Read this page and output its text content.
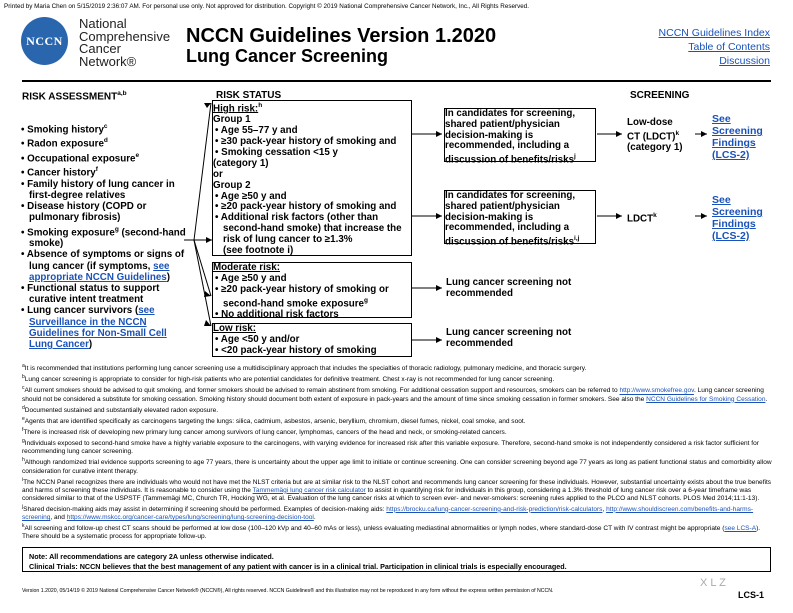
Printed by Maria Chen on 5/15/2019 2:36:07 AM. For personal use only. Not approved for distribution. Copyright © 2019 National Comprehensive Cancer Network, Inc., All Rights Reserved.
NCCN
National
Comprehensive
Cancer
Network®
NCCN Guidelines Version 1.2020
Lung Cancer Screening
NCCN Guidelines Index
Table of Contents
Discussion
RISK ASSESSMENT$^{a,b}$	RISK STATUS	SCREENING
• Smoking history$^c$
• Radon exposure$^d$
• Occupational exposure$^e$
• Cancer history$^f$
• Family history of lung cancer in first-degree relatives
• Disease history (COPD or pulmonary fibrosis)
• Smoking exposure$^g$ (second-hand smoke)
• Absence of symptoms or signs of lung cancer (if symptoms, see appropriate NCCN Guidelines)
• Functional status to support curative intent treatment
• Lung cancer survivors (see Surveillance in the NCCN Guidelines for Non-Small Cell Lung Cancer)
High risk:$^h$
Group 1
• Age 55–77 y and
• ≥30 pack-year history of smoking and
• Smoking cessation <15 y
(category 1)
or
Group 2
• Age ≥50 y and
• ≥20 pack-year history of smoking and
• Additional risk factors (other than second-hand smoke) that increase the risk of lung cancer to ≥1.3%
(see footnote i)
Moderate risk:
• Age ≥50 y and
• ≥20 pack-year history of smoking or second-hand smoke exposure$^g$
• No additional risk factors
Low risk:
• Age <50 y and/or
• <20 pack-year history of smoking
In candidates for screening, shared patient/physician decision-making is recommended, including a discussion of benefits/risks$^j$
In candidates for screening, shared patient/physician decision-making is recommended, including a discussion of benefits/risks$^{i,j}$
Lung cancer screening not recommended
Lung cancer screening not recommended
Low-dose
CT (LDCT)$^k$
(category 1)
LDCT$^k$
See Screening Findings (LCS-2)
See Screening Findings (LCS-2)
$^a$It is recommended that institutions performing lung cancer screening use a multidisciplinary approach that includes the specialties of thoracic radiology, pulmonary medicine, and thoracic surgery.
$^b$Lung cancer screening is appropriate to consider for high-risk patients who are potential candidates for definitive treatment. Chest x-ray is not recommended for lung cancer screening.
$^c$All current smokers should be advised to quit smoking, and former smokers should be advised to remain abstinent from smoking. For additional cessation support and resources, smokers can be referred to http://www.smokefree.gov. Lung cancer screening should not be considered a substitute for smoking cessation. Smoking history should document both extent of exposure in pack-years and the amount of time since smoking cessation in former smokers. See also the NCCN Guidelines for Smoking Cessation.
$^d$Documented sustained and substantially elevated radon exposure.
$^e$Agents that are identified specifically as carcinogens targeting the lungs: silica, cadmium, asbestos, arsenic, beryllium, chromium, diesel fumes, nickel, coal smoke, and soot.
$^f$There is increased risk of developing new primary lung cancer among survivors of lung cancer, lymphomas, cancers of the head and neck, or smoking-related cancers.
$^g$Individuals exposed to second-hand smoke have a highly variable exposure to the carcinogens, with varying evidence for increased risk after this variable exposure. Therefore, second-hand smoke is not independently considered a risk factor sufficient for recommending lung cancer screening.
$^h$Although randomized trial evidence supports screening to age 77 years, there is uncertainty about the upper age limit to initiate or continue screening. One can consider screening beyond age 77 years as long as patient functional status and comorbidity allow consideration for curative intent therapy.
$^i$The NCCN Panel recognizes there are individuals who would not have met the NLST criteria but are at similar risk to the NLST cohort and recommends lung cancer screening for these individuals. However, substantial uncertainty exists about the true benefits and harms of screening these individuals. It is reasonable to consider using the Tammemägi lung cancer risk calculator to assist in quantifying risk for individuals in this group, considering a 1.3% threshold of lung cancer risk over a 6-year timeframe was considered similar to that of the USPSTF (Tammemägi MC, Church TR, Hocking WG, et al. Evaluation of the lung cancer risks at which to screen ever- and never-smokers: screening rules applied to the PLCO and NLST cohorts. PLOS Med 2014;11:1-13).
$^j$Shared decision-making aids may assist in determining if screening should be performed. Examples of decision-making aids: https://brocku.ca/lung-cancer-screening-and-risk-prediction/risk-calculators, http://www.shouldiscreen.com/benefits-and-harms-screening, and https://www.mskcc.org/cancer-care/types/lung/screening/lung-screening-decision-tool.
$^k$All screening and follow-up chest CT scans should be performed at low dose (100–120 kVp and 40–60 mAs or less), unless evaluating mediastinal abnormalities or lymph nodes, where standard-dose CT with IV contrast might be appropriate (see LCS-A). There should be a systematic process for appropriate follow-up.
Note: All recommendations are category 2A unless otherwise indicated.
Clinical Trials: NCCN believes that the best management of any patient with cancer is in a clinical trial. Participation in clinical trials is especially encouraged.
Version 1.2020, 05/14/19 © 2019 National Comprehensive Cancer Network® (NCCN®), All rights reserved. NCCN Guidelines® and this illustration may not be reproduced in any form without the express written permission of NCCN.	LCS-1
X L Z
